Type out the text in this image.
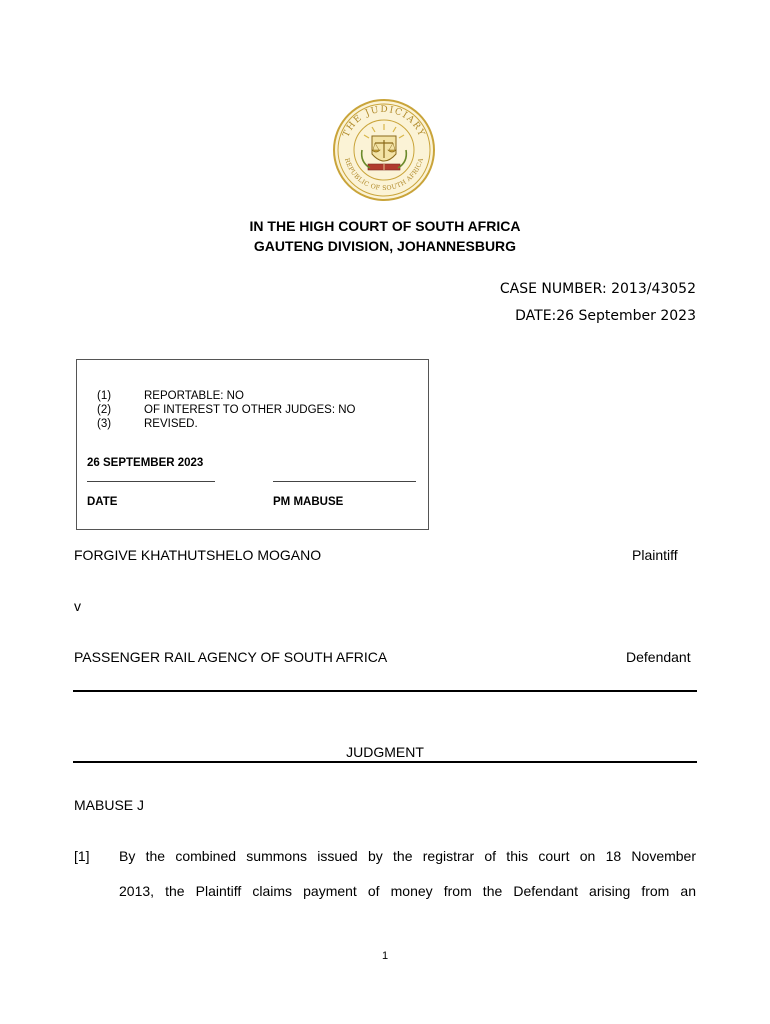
THE JUDICIARY
REPUBLIC OF SOUTH AFRICA
IN THE HIGH COURT OF SOUTH AFRICA
GAUTENG DIVISION, JOHANNESBURG
CASE NUMBER: 2013/43052
DATE:26 September 2023
(1)	REPORTABLE: NO
(2)	OF INTEREST TO OTHER JUDGES: NO
(3)	REVISED.
26 SEPTEMBER 2023
DATE	PM MABUSE
FORGIVE KHATHUTSHELO MOGANO	Plaintiff
v
PASSENGER RAIL AGENCY OF SOUTH AFRICA	Defendant
JUDGMENT
MABUSE J
[1] By the combined summons issued by the registrar of this court on 18 November
2013, the Plaintiff claims payment of money from the Defendant arising from an
1
